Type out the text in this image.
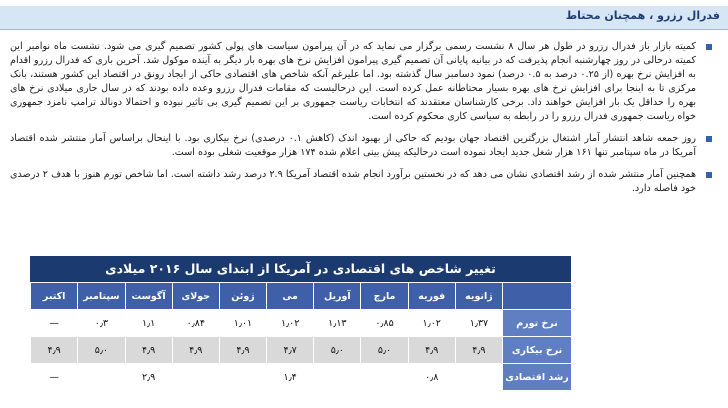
فدرال رزرو ، همچنان محتاط

کمیته بازار باز فدرال رزرو در طول هر سال ۸ نشست رسمی برگزار می نماید که در آن پیرامون سیاست های پولی کشور تصمیم گیری می شود. نشست ماه نوامبر این کمیته درحالی در روز چهارشنبه انجام پذیرفت که در بیانیه پایانی آن تصمیم گیری پیرامون افزایش نرخ های بهره بار دیگر به آینده موکول شد. آخرین باری که فدرال رزرو اقدام به افزایش نرخ بهره (از ۰.۲۵ درصد به ۰.۵ درصد) نمود دسامبر سال گذشته بود. اما علیرغم آنکه شاخص های اقتصادی حاکی از ایجاد رونق در اقتصاد این کشور هستند، بانک مرکزی تا به اینجا برای افزایش نرخ های بهره بسیار محتاطانه عمل کرده است. این درحالیست که مقامات فدرال رزرو وعده داده بودند که در سال جاری میلادی نرخ های بهره را حداقل یک بار افزایش خواهند داد. برخی کارشناسان معتقدند که انتخابات ریاست جمهوری بر این تصمیم گیری بی تاثیر نبوده و احتمالا دونالد ترامپ نامزد جمهوری خواه ریاست جمهوری فدرال رزرو را در رابطه به سیاسی کاری محکوم کرده است.

روز جمعه شاهد انتشار آمار اشتغال بزرگترین اقتصاد جهان بودیم که حاکی از بهبود اندک (کاهش ۰.۱ درصدی) نرخ بیکاری بود. با اینحال براساس آمار منتشر شده اقتصاد آمریکا در ماه سپتامبر تنها ۱۶۱ هزار شغل جدید ایجاد نموده است درحالیکه پیش بینی اعلام شده ۱۷۴ هزار موقعیت شغلی بوده است.

همچنین آمار منتشر شده از رشد اقتصادی نشان می دهد که در نخستین برآورد انجام شده اقتصاد آمریکا ۲.۹ درصد رشد داشته است. اما شاخص تورم هنوز با هدف ۲ درصدی خود فاصله دارد.

تغییر شاخص های اقتصادی در آمریکا از ابتدای سال ۲۰۱۶ میلادی
	ژانویه	فوریه	مارچ	آوریل	می	ژوئن	جولای	آگوست	سپتامبر	اکتبر
نرخ تورم	۱٫۳۷	۱٫۰۲	۰٫۸۵	۱٫۱۳	۱٫۰۲	۱٫۰۱	۰٫۸۴	۱٫۱	۰٫۳	—
نرخ بیکاری	۴٫۹	۴٫۹	۵٫۰	۵٫۰	۴٫۷	۴٫۹	۴٫۹	۴٫۹	۵٫۰	۴٫۹
رشد اقتصادی		۰٫۸			۱٫۴			۲٫۹		—
